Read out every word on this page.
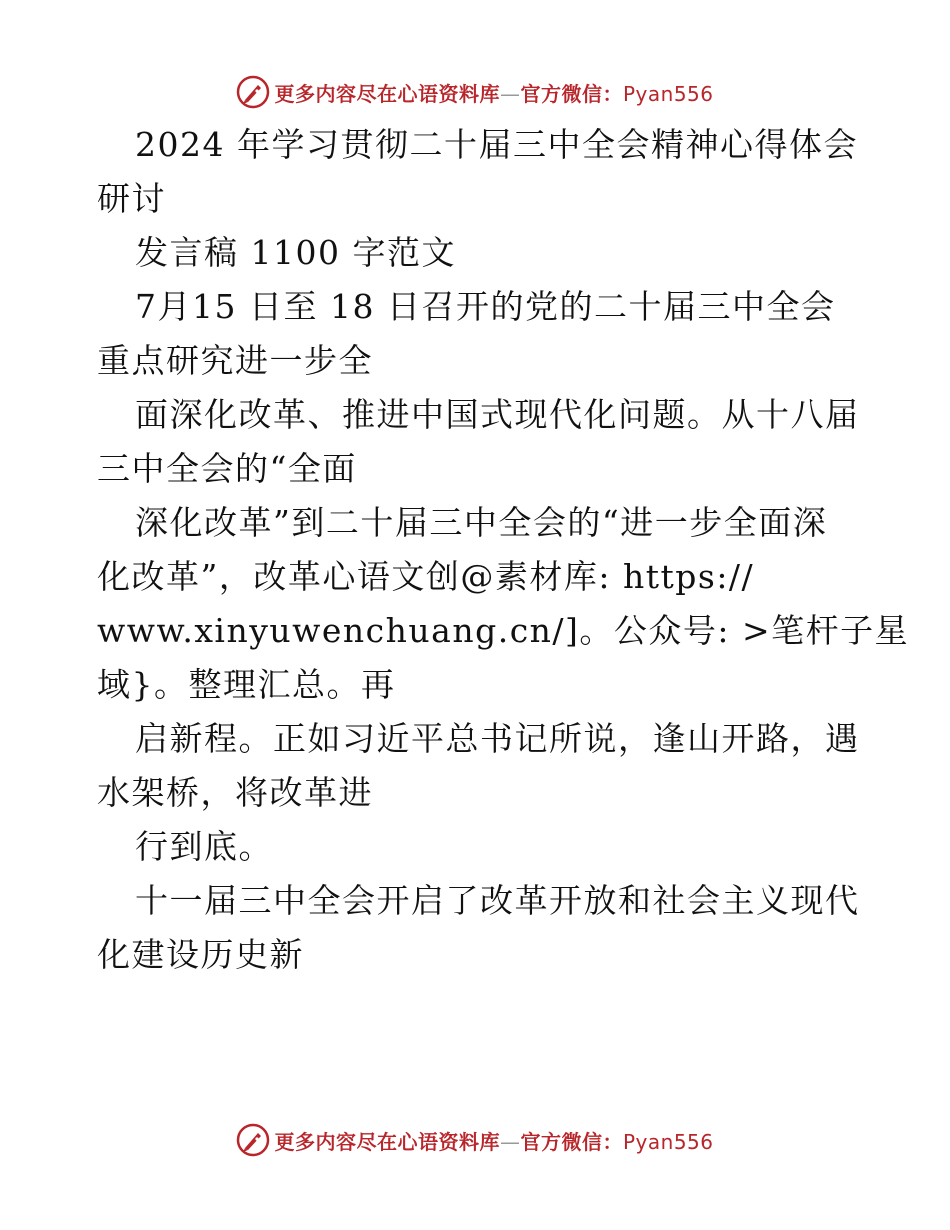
更多内容尽在心语资料库—官方微信：Pyan556
2024 年学习贯彻二十届三中全会精神心得体会
研讨
发言稿 1100 字范文
7月15 日至 18 日召开的党的二十届三中全会
重点研究进一步全
面深化改革、推进中国式现代化问题。从十八届
三中全会的“全面
深化改革”到二十届三中全会的“进一步全面深
化改革”，改革心语文创@素材库: https://
www.xinyuwenchuang.cn/]。公众号: >笔杆子星
域}。整理汇总。再
启新程。正如习近平总书记所说，逢山开路，遇
水架桥，将改革进
行到底。
十一届三中全会开启了改革开放和社会主义现代
化建设历史新
更多内容尽在心语资料库—官方微信：Pyan556
